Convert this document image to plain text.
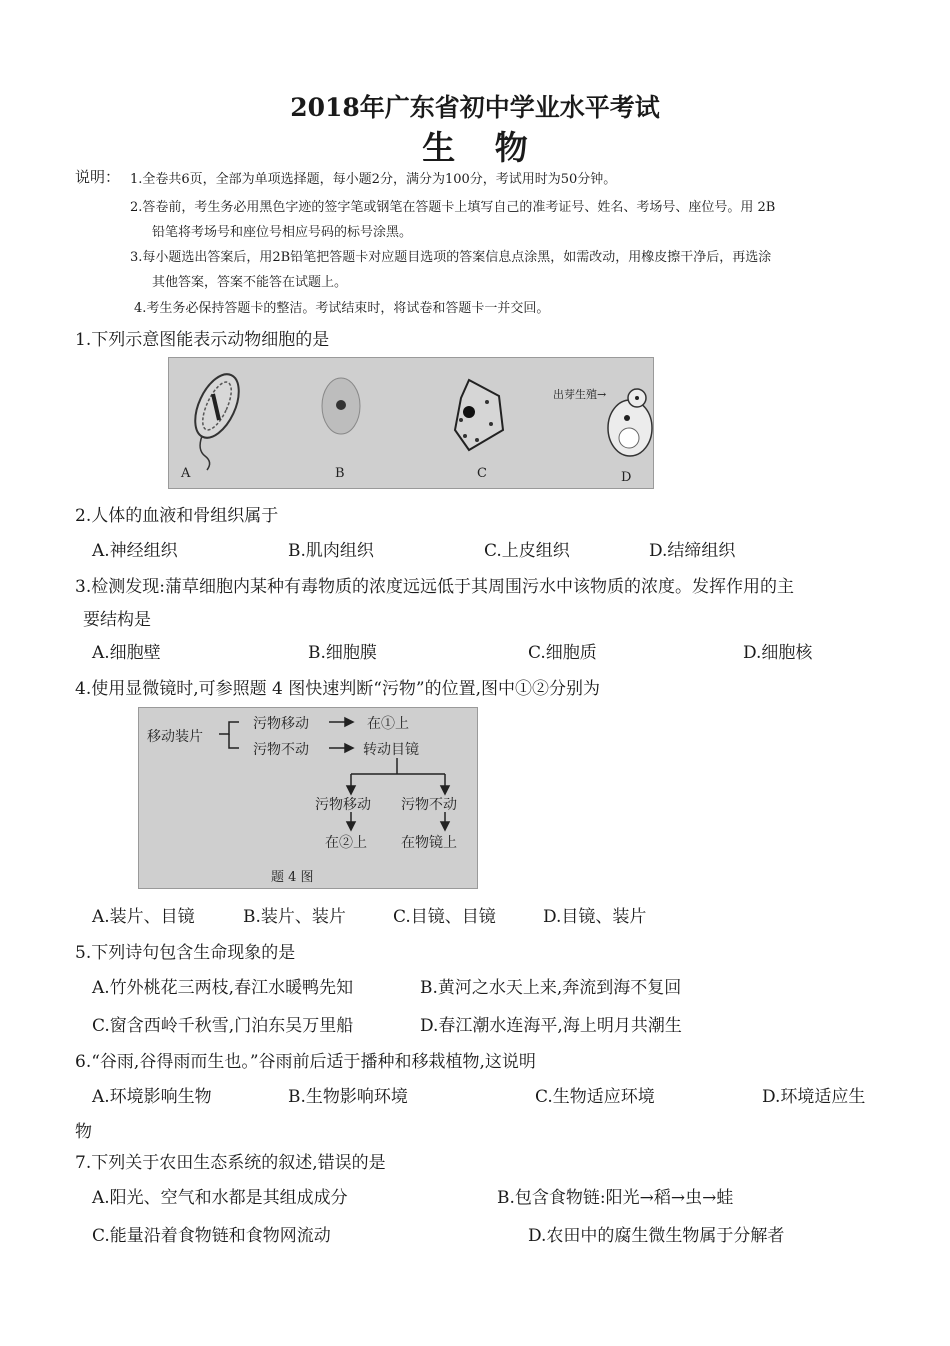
2018年广东省初中学业水平考试
生 物
说明： 1.全卷共6页，全部为单项选择题，每小题2分，满分为100分，考试用时为50分钟。
2.答卷前，考生务必用黑色字迹的签字笔或钢笔在答题卡上填写自己的准考证号、姓名、考场号、座位号。用 2B
铅笔将考场号和座位号相应号码的标号涂黑。
3.每小题选出答案后，用2B铅笔把答题卡对应题目选项的答案信息点涂黑，如需改动，用橡皮擦干净后，再选涂
其他答案，答案不能答在试题上。
4.考生务必保持答题卡的整洁。考试结束时，将试卷和答题卡一并交回。
1.下列示意图能表示动物细胞的是
A	B	C	D
出芽生殖→
2.人体的血液和骨组织属于
A.神经组织	B.肌肉组织	C.上皮组织	D.结缔组织
3.检测发现:蒲草细胞内某种有毒物质的浓度远远低于其周围污水中该物质的浓度。发挥作用的主
要结构是
A.细胞壁	B.细胞膜	C.细胞质	D.细胞核
4.使用显微镜时,可参照题 4 图快速判断“污物”的位置,图中①②分别为
移动装片
污物移动	在①上
污物不动	转动目镜
污物移动 污物不动
在②上 在物镜上
题 4 图
A.装片、目镜	B.装片、装片	C.目镜、目镜	D.目镜、装片
5.下列诗句包含生命现象的是
A.竹外桃花三两枝,春江水暖鸭先知	B.黄河之水天上来,奔流到海不复回
C.窗含西岭千秋雪,门泊东吴万里船	D.春江潮水连海平,海上明月共潮生
6.“谷雨,谷得雨而生也。”谷雨前后适于播种和移栽植物,这说明
A.环境影响生物	B.生物影响环境	C.生物适应环境	D.环境适应生
物
7.下列关于农田生态系统的叙述,错误的是
A.阳光、空气和水都是其组成成分	B.包含食物链:阳光→稻→虫→蛙
C.能量沿着食物链和食物网流动	D.农田中的腐生微生物属于分解者
